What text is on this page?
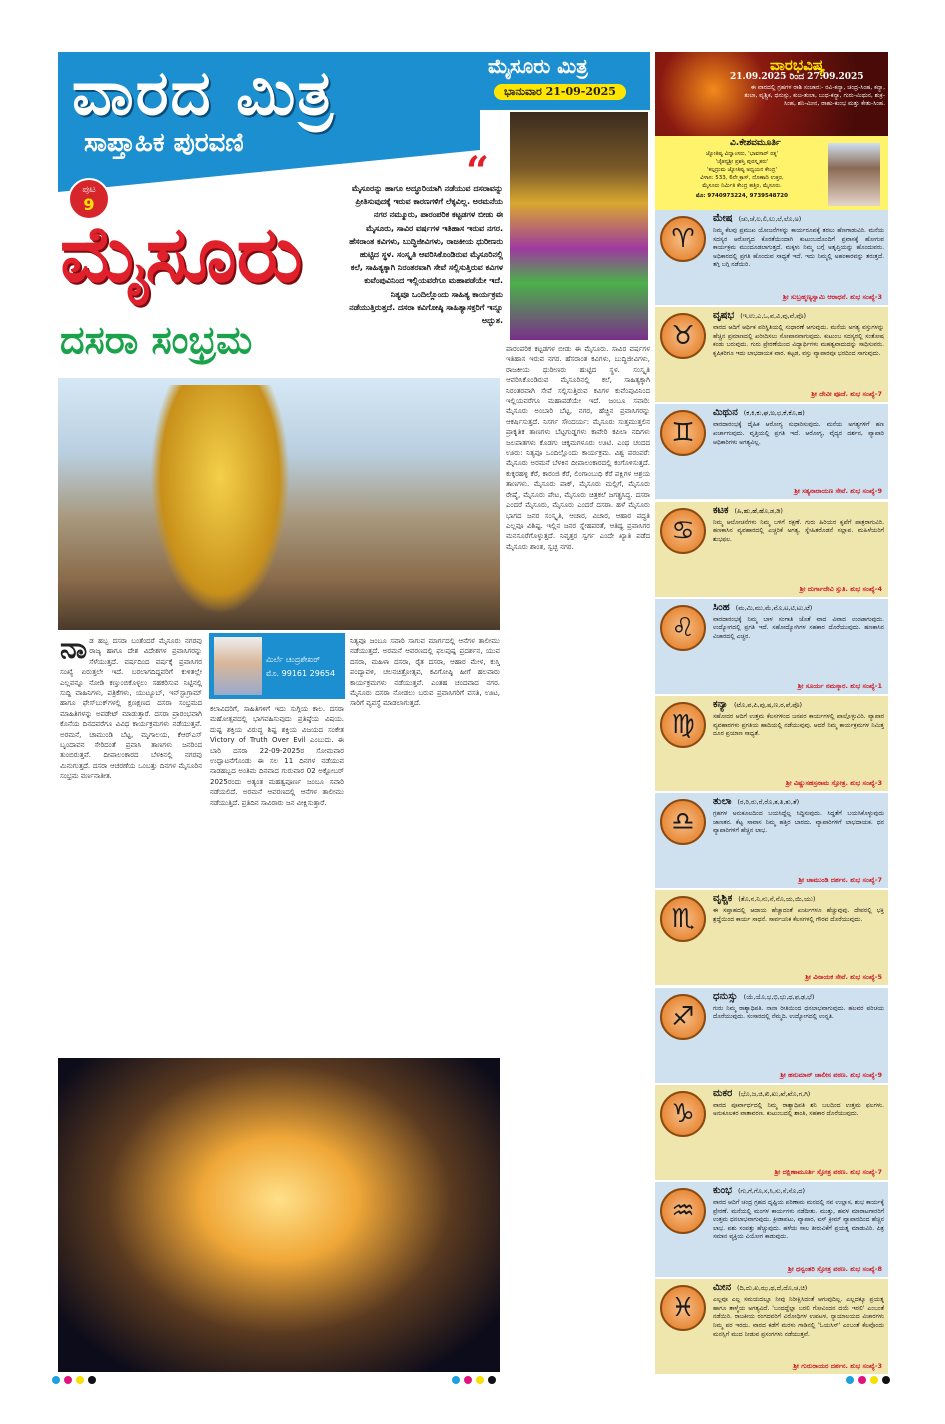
ವಾರದ ಮಿತ್ರ
ಸಾಪ್ತಾಹಿಕ ಪುರವಣಿ
ಪುಟ
9
ಮೈಸೂರು ಮಿತ್ರ
ಭಾನುವಾರ 21-09-2025
ಮೈಸೂರು
ದಸರಾ ಸಂಭ್ರಮ
“
ಮೈಸೂರನ್ನು ಹಾಗೂ ಅದ್ಧೂರಿಯಾಗಿ ನಡೆಯುವ ದಸರಾವನ್ನು ಪ್ರೀತಿಸುವುದಕ್ಕೆ ಇರುವ ಕಾರಣಗಳಿಗೆ ಲೆಕ್ಕವಿಲ್ಲ. ಅರಮನೆಯ ನಗರ ನಮ್ಮೂರು, ಪಾರಂಪರಿಕ ಕಟ್ಟಡಗಳ ಬೀಡು ಈ ಮೈಸೂರು, ಸಾವಿರ ವರ್ಷಗಳ ಇತಿಹಾಸ ಇರುವ ನಗರ. ಹೆಸರಾಂತ ಕವಿಗಳು, ಬುದ್ಧಿಜೀವಿಗಳು, ರಾಜಕೀಯ ಧುರೀಣರು ಹುಟ್ಟಿದ ಸ್ಥಳ. ಸಂಸ್ಕೃತಿ ಆವರಿಸಿಕೊಂಡಿರುವ ಮೈಸೂರಿನಲ್ಲಿ ಕಲೆ, ಸಾಹಿತ್ಯಕ್ಕಾಗಿ ನಿರಂತರವಾಗಿ ಸೇವೆ ಸಲ್ಲಿಸುತ್ತಿರುವ ಕವಿಗಳ ಕುವೆಂಪುವಿನಿಂದ ಇಲ್ಲಿಯವರೆಗೂ ಮಹಾಪಡೆಯೇ ಇದೆ. ನಿತ್ಯವೂ ಒಂದಿಲ್ಲೊಂದು ಸಾಹಿತ್ಯ ಕಾರ್ಯಕ್ರಮ ನಡೆಯುತ್ತಿರುತ್ತದೆ. ದಸರಾ ಕವಿಗೋಷ್ಠಿ ಸಾಹಿತ್ಯಾಸಕ್ತರಿಗೆ ಇನ್ನೂ ಅದ್ಭುತ.
ನಾಡ ಹಬ್ಬ ದಸರಾ ಬಂತೆಂದರೆ ಮೈಸೂರು ನಗರವು ರಾಜ್ಯ ಹಾಗೂ ದೇಶ ವಿದೇಶಗಳ ಪ್ರವಾಸಿಗರನ್ನು ಸೆಳೆಯುತ್ತದೆ. ವರ್ಷದಿಂದ ವರ್ಷಕ್ಕೆ ಪ್ರವಾಸಿಗರ ಸಂಖ್ಯೆ ಏರುತ್ತಲೇ ಇದೆ. ಬರಲಾಗದಿದ್ದವರಿಗೆ ಕುಳಿತಲ್ಲೇ ಎಲ್ಲವನ್ನೂ ನೋಡಿ ಕಣ್ತುಂಬಿಕೊಳ್ಳಲು ಸಹಕರಿಸುವ ನಿಟ್ಟಿನಲ್ಲಿ ಸುದ್ದಿ ವಾಹಿನಿಗಳು, ಪತ್ರಿಕೆಗಳು, ಯುಟ್ಯೂಬ್, ಇನ್‌ಸ್ಟಾಗ್ರಾಮ್ ಹಾಗೂ ಫೇಸ್‌ಬುಕ್‌ಗಳಲ್ಲಿ ಕ್ಷಣಕ್ಷಣದ ದಸರಾ ಸಂಭ್ರಮದ ಮಾಹಿತಿಗಳನ್ನು ಅಪಡೇಟ್ ಮಾಡುತ್ತಾರೆ. ದಸರಾ ಪ್ರಾರಂಭವಾಗಿ ಕೊನೆಯ ದಿನದವರೆಗೂ ವಿವಿಧ ಕಾರ್ಯಕ್ರಮಗಳು ನಡೆಯುತ್ತವೆ. ಅರಮನೆ, ಚಾಮುಂಡಿ ಬೆಟ್ಟ, ಮೃಗಾಲಯ, ಕೆಆರ್‌ಎಸ್ ಬೃಂದಾವನ ಸೇರಿದಂತೆ ಪ್ರವಾಸಿ ತಾಣಗಳು ಜನರಿಂದ ತುಂಬಿರುತ್ತವೆ. ದೀಪಾಲಂಕಾರದ ಬೆಳಕಿನಲ್ಲಿ ನಗರವು ಮಿನುಗುತ್ತದೆ. ದಸರಾ ಆಚರಣೆಯ ಒಂಬತ್ತು ದಿನಗಳ ಮೈಸೂರಿನ ಸಂಭ್ರಮ ವರ್ಣನಾತೀತ.
ಮಿರ್ಲೆ ಚಂದ್ರಶೇಖರ್
ಮೊ. 99161 29654
ಕಲಾವಿದರಿಗೆ, ಸಾಹಿತಿಗಳಿಗೆ ಇದು ಸುಗ್ಗಿಯ ಕಾಲ. ದಸರಾ ಮಹೋತ್ಸವದಲ್ಲಿ ಭಾಗವಹಿಸುವುದು ಪ್ರತಿಷ್ಠೆಯ ವಿಷಯ. ದುಷ್ಟ ಶಕ್ತಿಯ ವಿರುದ್ಧ ಶಿಷ್ಟ ಶಕ್ತಿಯ ವಿಜಯದ ಸಂಕೇತ Victory of Truth Over Evil ಎಂಬುದು. ಈ ಬಾರಿ ದಸರಾ 22-09-2025ರ ಸೋಮವಾರ ಉದ್ಘಾಟನೆಗೊಂಡು ಈ ಸಲ 11 ದಿನಗಳ ನಡೆಯುವ ನಾಡಹಬ್ಬದ ಅಂತಿಮ ದಿನವಾದ ಗುರುವಾರ 02 ಅಕ್ಟೋಬರ್ 2025ರಂದು ಅತ್ಯಂತ ಮಹತ್ವಪೂರ್ಣ ಜಂಬೂ ಸವಾರಿ ನಡೆಯಲಿದೆ. ಅರಮನೆ ಆವರಣದಲ್ಲಿ ಆನೆಗಳ ತಾಲೀಮು ನಡೆಯುತ್ತಿದೆ. ಪ್ರತಿದಿನ ಸಾವಿರಾರು ಜನ ವೀಕ್ಷಿಸುತ್ತಾರೆ.
ನಿತ್ಯವೂ ಜಂಬೂ ಸವಾರಿ ಸಾಗುವ ಮಾರ್ಗದಲ್ಲಿ ಆನೆಗಳ ತಾಲೀಮು ನಡೆಯುತ್ತದೆ. ಅರಮನೆ ಆವರಣದಲ್ಲಿ ಫಲಪುಷ್ಪ ಪ್ರದರ್ಶನ, ಯುವ ದಸರಾ, ಮಹಿಳಾ ದಸರಾ, ರೈತ ದಸರಾ, ಆಹಾರ ಮೇಳ, ಕುಸ್ತಿ ಪಂದ್ಯಾವಳಿ, ಚಲನಚಿತ್ರೋತ್ಸವ, ಕವಿಗೋಷ್ಠಿ ಹೀಗೆ ಹಲವಾರು ಕಾರ್ಯಕ್ರಮಗಳು ನಡೆಯುತ್ತವೆ. ಎಂತಹ ಚಂದವಾದ ನಗರ. ಮೈಸೂರು ದಸರಾ ನೋಡಲು ಬರುವ ಪ್ರವಾಸಿಗರಿಗೆ ವಸತಿ, ಊಟ, ಸಾರಿಗೆ ವ್ಯವಸ್ಥೆ ಮಾಡಲಾಗುತ್ತದೆ.
ಪಾರಂಪರಿಕ ಕಟ್ಟಡಗಳ ಬೀಡು ಈ ಮೈಸೂರು. ಸಾವಿರ ವರ್ಷಗಳ ಇತಿಹಾಸ ಇರುವ ನಗರ. ಹೆಸರಾಂತ ಕವಿಗಳು, ಬುದ್ಧಿಜೀವಿಗಳು, ರಾಜಕೀಯ ಧುರೀಣರು ಹುಟ್ಟಿದ ಸ್ಥಳ. ಸಂಸ್ಕೃತಿ ಆವರಿಸಿಕೊಂಡಿರುವ ಮೈಸೂರಿನಲ್ಲಿ ಕಲೆ, ಸಾಹಿತ್ಯಕ್ಕಾಗಿ ನಿರಂತರವಾಗಿ ಸೇವೆ ಸಲ್ಲಿಸುತ್ತಿರುವ ಕವಿಗಳ ಕುವೆಂಪುವಿನಿಂದ ಇಲ್ಲಿಯವರೆಗೂ ಮಹಾಪಡೆಯೇ ಇದೆ. ಜಂಬೂ ಸವಾರಿ: ಮೈಸೂರು ಅಂಬಾರಿ ಬೆಟ್ಟ, ನಗರ, ಹೆಚ್ಚಿನ ಪ್ರವಾಸಿಗರನ್ನು ಆಕರ್ಷಿಸುತ್ತದೆ. ನಿಸರ್ಗ ಸೌಂದರ್ಯ: ಮೈಸೂರು ಸುತ್ತಮುತ್ತಲಿನ ಪ್ರಾಕೃತಿಕ ತಾಣಗಳು ಬೆಟ್ಟಗುಡ್ಡಗಳು ಕಾವೇರಿ ಕಪಿಲಾ ನದಿಗಳು ಜಲಪಾತಗಳು ಕೊಡಗು ಚಿಕ್ಕಮಗಳೂರು ಊಟಿ. ಎಂಥ ಚಂದದ ಊರು: ನಿತ್ಯವೂ ಒಂದಿಲ್ಲೊಂದು ಕಾರ್ಯಕ್ರಮ. ವಿಶ್ವ ಪರಂಪರೆ: ಮೈಸೂರು ಅರಮನೆ ಬೆಳಕಿನ ದೀಪಾಲಂಕಾರದಲ್ಲಿ ಕಂಗೊಳಿಸುತ್ತದೆ. ಕುಕ್ಕರಹಳ್ಳಿ ಕೆರೆ, ಕಾರಂಜಿ ಕೆರೆ, ಲಿಂಗಾಂಬುಧಿ ಕೆರೆ ಪಕ್ಷಿಗಳ ಆಶ್ರಯ ತಾಣಗಳು. ಮೈಸೂರು ಪಾಕ್, ಮೈಸೂರು ಮಲ್ಲಿಗೆ, ಮೈಸೂರು ರೇಷ್ಮೆ, ಮೈಸೂರು ಪೇಟ, ಮೈಸೂರು ಚಿತ್ರಕಲೆ ಜಗತ್ಪ್ರಸಿದ್ಧ. ದಸರಾ ಎಂದರೆ ಮೈಸೂರು, ಮೈಸೂರು ಎಂದರೆ ದಸರಾ. ಹಳೆ ಮೈಸೂರು ಭಾಗದ ಜನರ ಸಂಸ್ಕೃತಿ, ಆಚಾರ, ವಿಚಾರ, ಆಹಾರ ಪದ್ಧತಿ ಎಲ್ಲವೂ ವಿಶಿಷ್ಟ. ಇಲ್ಲಿನ ಜನರ ಸ್ನೇಹಪರತೆ, ಆತಿಥ್ಯ ಪ್ರವಾಸಿಗರ ಮನಸೂರೆಗೊಳ್ಳುತ್ತದೆ. ನಿವೃತ್ತರ ಸ್ವರ್ಗ ಎಂದೇ ಖ್ಯಾತಿ ಪಡೆದ ಮೈಸೂರು ಶಾಂತ, ಸ್ವಚ್ಛ ನಗರ.
ವಾರಭವಿಷ್ಯ
21.09.2025 ರಿಂದ 27.09.2025
ಈ ವಾರದಲ್ಲಿ ಗ್ರಹಗಳ ರಾಶಿ ಸಂಚಾರ:- ರವಿ-ಕನ್ಯಾ, ಚಂದ್ರ-ಸಿಂಹ, ಕನ್ಯಾ, ತುಲಾ, ವೃಶ್ಚಿಕ, ಧನುಸ್ಸು, ಕುಜ-ತುಲಾ, ಬುಧ-ಕನ್ಯಾ, ಗುರು-ಮಿಥುನ, ಶುಕ್ರ-ಸಿಂಹ, ಶನಿ-ಮೀನ, ರಾಹು-ಕುಂಭ ಮತ್ತು ಕೇತು-ಸಿಂಹ.
ವಿ.ಕೇಶವಮೂರ್ತಿ
ಜ್ಯೋತಿಷ್ಯ ವಿದ್ವಾಂಸರು, 'ಭಾವಸಾರ್ ರತ್ನ'
'ಚೈತನ್ಯಶ್ರೀ ಪ್ರಶಸ್ತಿ ಪುರಸ್ಕೃತರು'
'ಕಲ್ಪದ್ರುಮ ಜ್ಯೋತಿಷ್ಯ ಅಧ್ಯಯನ ಕೇಂದ್ರ'
ವಿಳಾಸ: 533, 6ನೇ ಕ್ರಾಸ್, ದೊಣಾದಿ ಉತ್ತರ,
ಮೈಸೂರು ನಿರ್ಮಿತಿ ಕೇಂದ್ರ ಹತ್ತಿರ, ಮೈಸೂರು.
ಮೊ: 9740973224, 9739548720
♈
ಮೇಷ (ಚು,ಚೆ,ಲ,ಲಿ,ಲು,ಲೆ,ಲೊ,ಅ)
ನಿಮ್ಮ ಕೆಲವು ಪ್ರಮುಖ ಯೋಜನೆಗಳನ್ನು ಕಾರ್ಯರೂಪಕ್ಕೆ ತರಲು ಹೆಣಗಾಡುವಿರಿ. ಮನೆಯ ಸದಸ್ಯರ ಆರೋಗ್ಯದ ಕೊರತೆಯಿಂದಾಗಿ ಕುಟುಂಬದೊಂದಿಗೆ ಪ್ರವಾಸಕ್ಕೆ ಹೋಗುವ ಕಾರ್ಯಕ್ರಮ ಮುಂದೂಡಲಾಗುತ್ತದೆ. ಮಕ್ಕಳು ನಿಮ್ಮ ಬಗ್ಗೆ ಅತೃಪ್ತಿಯನ್ನು ಹೊಂದುವರು. ಅಧಿಕಾರದಲ್ಲಿ ಪ್ರಗತಿ ಹೊಂದುವ ಸಾಧ್ಯತೆ ಇದೆ. ಇದು ನಿಮ್ಮಲ್ಲಿ ಅಹಂಕಾರವನ್ನು ತರುತ್ತದೆ. ತಗ್ಗಿ ಬಗ್ಗಿ ನಡೆಯಿರಿ.
ಶ್ರೀ ಸುಬ್ರಹ್ಮಣ್ಯಸ್ವಾಮಿ ಆರಾಧನೆ. ಶುಭ ಸಂಖ್ಯೆ-3
♉
ವೃಷಭ (ಇ,ಉ,ಎ,ಒ,ವ,ವಿ,ವು,ವೆ,ವೊ)
ವಾರದ ಆದಿಗೆ ಆರ್ಥಿಕ ಪರಿಸ್ಥಿತಿಯಲ್ಲಿ ಸುಧಾರಣೆ ಆಗುವುದು. ಮನೆಯ ಅಗತ್ಯ ವಸ್ತುಗಳನ್ನು ಹೆಚ್ಚಿನ ಪ್ರಮಾಣದಲ್ಲಿ ಖರೀದಿಸಲು ಸೋಪಾನವಾಗುವುದು. ಕುಟುಂಬ ಸದಸ್ಯರಲ್ಲಿ ಸಂತೋಷ ಕಂಡು ಬರುವುದು. ಗುರು ಪ್ರೇರಣೆಯಿಂದ ವಿದ್ಯಾರ್ಥಿಗಳು ಮಹತ್ವವಾದುದನ್ನು ಸಾಧಿಸುವರು. ಕೃಷಿಕರಿಗೂ ಇದು ಲಾಭದಾಯಕ ವಾರ. ಕಟ್ಟಡ, ವಸ್ತು ವ್ಯಾಪಾರವೂ ಭರದಿಂದ ಸಾಗುವುದು.
ಶ್ರೀ ದೇವೀ ಪೂಜೆ. ಶುಭ ಸಂಖ್ಯೆ-7
♊
ಮಿಥುನ (ಕ,ಕಿ,ಕು,ಘ,ಙ,ಛ,ಕೆ,ಕೊ,ಹ)
ವಾರದಾರಂಭಕ್ಕೆ ದೈಹಿಕ ಆರೋಗ್ಯ ಸುಧಾರಿಸುವುದು. ಮನೆಯ ಅಗತ್ಯಗಳಿಗೆ ಹಣ ಖರ್ಚಾಗುವುದು. ವೃತ್ತಿಯಲ್ಲಿ ಪ್ರಗತಿ ಇದೆ. ಆರೋಗ್ಯ, ವೈದ್ಯರ ದರ್ಶನ, ವ್ಯಾಪಾರಿ ಆಧಿಕಾರಿಗಳು ಅಗತ್ಯವಿಲ್ಲ.
ಶ್ರೀ ಸತ್ಯನಾರಾಯಣ ಸೇವೆ. ಶುಭ ಸಂಖ್ಯೆ-9
♋
ಕಟಕ (ಹಿ,ಹು,ಹೆ,ಹೊ,ಡ,ಡಿ)
ನಿಮ್ಮ ಆಲೋಚನೆಗಳು ನಿಮ್ಮ ಬಳಿಗೆ ರಕ್ಷಣೆ. ಗುರು ಹಿರಿಯರ ಕೃಪೆಗೆ ಪಾತ್ರರಾಗುವಿರಿ. ಹಣಕಾಸಿನ ವ್ಯವಹಾರದಲ್ಲಿ ಎಚ್ಚರಿಕೆ ಅಗತ್ಯ. ಸ್ನೇಹಿತರೊಡನೆ ಸಲ್ಲಾಪ. ಮಹಿಳೆಯರಿಗೆ ಶುಭಫಲ.
ಶ್ರೀ ದುರ್ಗಾದೇವಿ ಸ್ತುತಿ. ಶುಭ ಸಂಖ್ಯೆ-4
♌
ಸಿಂಹ (ಮ,ಮಿ,ಮು,ಮೆ,ಮೊ,ಟ,ಟಿ,ಟು,ಟೆ)
ವಾರದಾರಂಭಕ್ಕೆ ನಿಮ್ಮ ಬಾಳ ಸಂಗಾತಿ ಜೊತೆ ವಾದ ವಿವಾದ ಉಂಟಾಗುವುದು. ಉದ್ಯೋಗದಲ್ಲಿ ಪ್ರಗತಿ ಇದೆ. ಸಹೋದ್ಯೋಗಿಗಳ ಸಹಕಾರ ದೊರೆಯುವುದು. ಹಣಕಾಸಿನ ವಿಚಾರದಲ್ಲಿ ಎಚ್ಚರ.
ಶ್ರೀ ಸೂರ್ಯ ನಮಸ್ಕಾರ. ಶುಭ ಸಂಖ್ಯೆ-1
♍
ಕನ್ಯಾ (ಟೊ,ಪ,ಪಿ,ಪು,ಷ,ಣ,ಠ,ಪೆ,ಪೊ)
ಸಹೋದರ ಆದಿಗೆ ಉತ್ತಮ ಕೆಲಸಗಳಿಂದ ಜನಪರ ಕಾರ್ಯಗಳಲ್ಲಿ ಪಾಲ್ಗೊಳ್ಳುವಿರಿ. ವ್ಯಾಪಾರ ವ್ಯವಹಾರಗಳು ಪ್ರಗತಿಯ ಹಾದಿಯಲ್ಲಿ ನಡೆಯುವುವು. ಆದರೆ ನಿಮ್ಮ ಕಾರ್ಯಕ್ರಮಗಳ ನಿಮಿತ್ತ ದೂರ ಪ್ರಯಾಣ ಸಾಧ್ಯತೆ.
ಶ್ರೀ ವಿಷ್ಣುಸಹಸ್ರನಾಮ ಸ್ತೋತ್ರ. ಶುಭ ಸಂಖ್ಯೆ-3
♎
ತುಲಾ (ರ,ರಿ,ರು,ರೆ,ರೊ,ತ,ತಿ,ತು,ತೆ)
ಗ್ರಹಗಳ ಅನುಕೂಲದಿಂದ ಬಯಸಿದ್ದೆಲ್ಲ ಸಿದ್ಧಿಸುವುದು. ಸಿದ್ಧತೆಗೆ ಬಯಸಿಕೊಳ್ಳುವುದು ಜಾಣತನ. ಕೆಟ್ಟ ಸಾವಾಸ ನಿಮ್ಮ ಹತ್ತಿರ ಬಾರದು. ವ್ಯಾಪಾರಿಗಳಿಗೆ ಲಾಭದಾಯಕ. ಧನ ವ್ಯಾಪಾರಿಗಳಿಗೆ ಹೆಚ್ಚಿನ ಲಾಭ.
ಶ್ರೀ ಚಾಮುಂಡಿ ದರ್ಶನ. ಶುಭ ಸಂಖ್ಯೆ-7
♏
ವೃಶ್ಚಿಕ (ತೊ,ನ,ನಿ,ನು,ನೆ,ನೊ,ಯ,ಯಿ,ಯು)
ಈ ಸಪ್ತಾಹದಲ್ಲಿ ಆದಾಯ ಹೆಚ್ಚಾದಂತೆ ಖರ್ಚುಗಳೂ ಹೆಚ್ಚುವುವು. ದೇವರಲ್ಲಿ ಭಕ್ತಿ ಶ್ರದ್ಧೆಯಿಂದ ಕಾರ್ಯ ಸಾಧನೆ. ಸಾರ್ವಜನಿಕ ಕೆಲಸಗಳಲ್ಲಿ ಗೌರವ ದೊರೆಯುವುದು.
ಶ್ರೀ ವಿನಾಯಕ ಸೇವೆ. ಶುಭ ಸಂಖ್ಯೆ-5
♐
ಧನುಸ್ಸು (ಯೆ,ಯೊ,ಭ,ಭಿ,ಭು,ಧ,ಫ,ಢ,ಭೆ)
ಗುರು ನಿಮ್ಮ ರಾಶ್ಯಾಧಿಪತಿ. ನಾನಾ ರೀತಿಯಿಂದ ಧನಲಾಭವಾಗುವುದು. ಹಲವರ ಪರಿಚಯ ದೊರೆಯುವುದು. ಸಂಸಾರದಲ್ಲಿ ನೆಮ್ಮದಿ. ಉದ್ಯೋಗದಲ್ಲಿ ಉನ್ನತಿ.
ಶ್ರೀ ಹನುಮಾನ್ ಚಾಲೀಸ ಪಠಣ. ಶುಭ ಸಂಖ್ಯೆ-9
♑
ಮಕರ (ಭೊ,ಜ,ಜಿ,ಖಿ,ಖು,ಖೆ,ಖೊ,ಗ,ಗಿ)
ವಾರದ ಪೂರ್ವಾರ್ಧದಲ್ಲಿ ನಿಮ್ಮ ರಾಶ್ಯಾಧಿಪತಿ ಶನಿ ಬಲದಿಂದ ಉತ್ತಮ ಫಲಗಳು. ಅನುಕೂಲಕರ ವಾತಾವರಣ. ಕುಟುಂಬದಲ್ಲಿ ಶಾಂತಿ, ಸಹಕಾರ ದೊರೆಯುವುದು.
ಶ್ರೀ ದಕ್ಷಿಣಾಮೂರ್ತಿ ಸ್ತೋತ್ರ ಪಠಣ. ಶುಭ ಸಂಖ್ಯೆ-7
♒
ಕುಂಭ (ಗು,ಗೆ,ಗೊ,ಸ,ಸಿ,ಸು,ಸೆ,ಸೊ,ದ)
ವಾರದ ಆದಿಗೆ ಚಂದ್ರ ಗ್ರಹದ ದೃಷ್ಟಿಯ ಪರಿಣಾಮ ಮನದಲ್ಲಿ ನವ ಉಲ್ಲಾಸ, ಶುಭ ಕಾರ್ಯಕ್ಕೆ ಪ್ರೇರಣೆ. ಮನೆಯಲ್ಲಿ ಮಂಗಳ ಕಾರ್ಯಗಳು ನಡೆದೀತು. ಮುತ್ತು, ಹವಳ ಮಾರಾಟಗಾರರಿಗೆ ಉತ್ತಮ ಧನಲಾಭವಾಗುವುದು. ಕ್ರೀಡಾಪಟು, ವ್ಯಾಪಾರ, ಐಸ್ ಕ್ರೀಮ್ ವ್ಯಾಪಾರದಿಂದ ಹೆಚ್ಚಿನ ಲಾಭ. ಪಶು ಸಂಪತ್ತು ಹೆಚ್ಚುವುದು. ಹಳೆಯ ಸಾಲ ತೀರುವಿಕೆಗೆ ಪ್ರಯತ್ನ ಮಾಡುವಿರಿ. ಪಿತ್ರ ಸಮಾನ ವ್ಯಕ್ತಿಯ ವಿಯೋಗ ಕಾಡುವುದು.
ಶ್ರೀ ಧನ್ವಂತರಿ ಸ್ತೋತ್ರ ಪಠಣ. ಶುಭ ಸಂಖ್ಯೆ-8
♓
ಮೀನ (ದಿ,ದು,ಖ,ಝ,ಥ,ದೆ,ದೊ,ಚ,ಚಿ)
ಎಲ್ಲವೂ ಎಲ್ಲ ಸಮಯದಲ್ಲೂ ನೀವು ನಿರೀಕ್ಷಿಸಿದಂತೆ ಆಗುವುದಿಲ್ಲ. ಎಲ್ಲದಕ್ಕೂ ಪ್ರಯತ್ನ ಹಾಗೂ ತಾಳ್ಮೆಯ ಅಗತ್ಯವಿದೆ. 'ಬಂದದ್ದೆಲ್ಲಾ ಬರಲಿ ಗೋವಿಂದನ ದಯೆ ಇರಲಿ' ಎಂಬಂತೆ ನಡೆಯಿರಿ. ರಾಜಕೀಯ ರಂಗದವರಿಗೆ ವಿರೋಧಿಗಳ ಉಪಟಳ, ನ್ಯಾಯಾಲಯದ ವಿಚಾರಗಳು ನಿಮ್ಮ ಪರ ಇರದು. ವಾರದ ಕಡೆಗೆ ಮರಳು ಗಾಡಿನಲ್ಲಿ 'ಓಯಸಿಸ್' ಎಂಬಂತೆ ಕೆಲವೊಂದು ಮನಸ್ಸಿಗೆ ಮುದ ನೀಡುವ ಪ್ರಸಂಗಗಳು ನಡೆಯುತ್ತವೆ.
ಶ್ರೀ ಗುರುರಾಯರ ದರ್ಶನ. ಶುಭ ಸಂಖ್ಯೆ-3
